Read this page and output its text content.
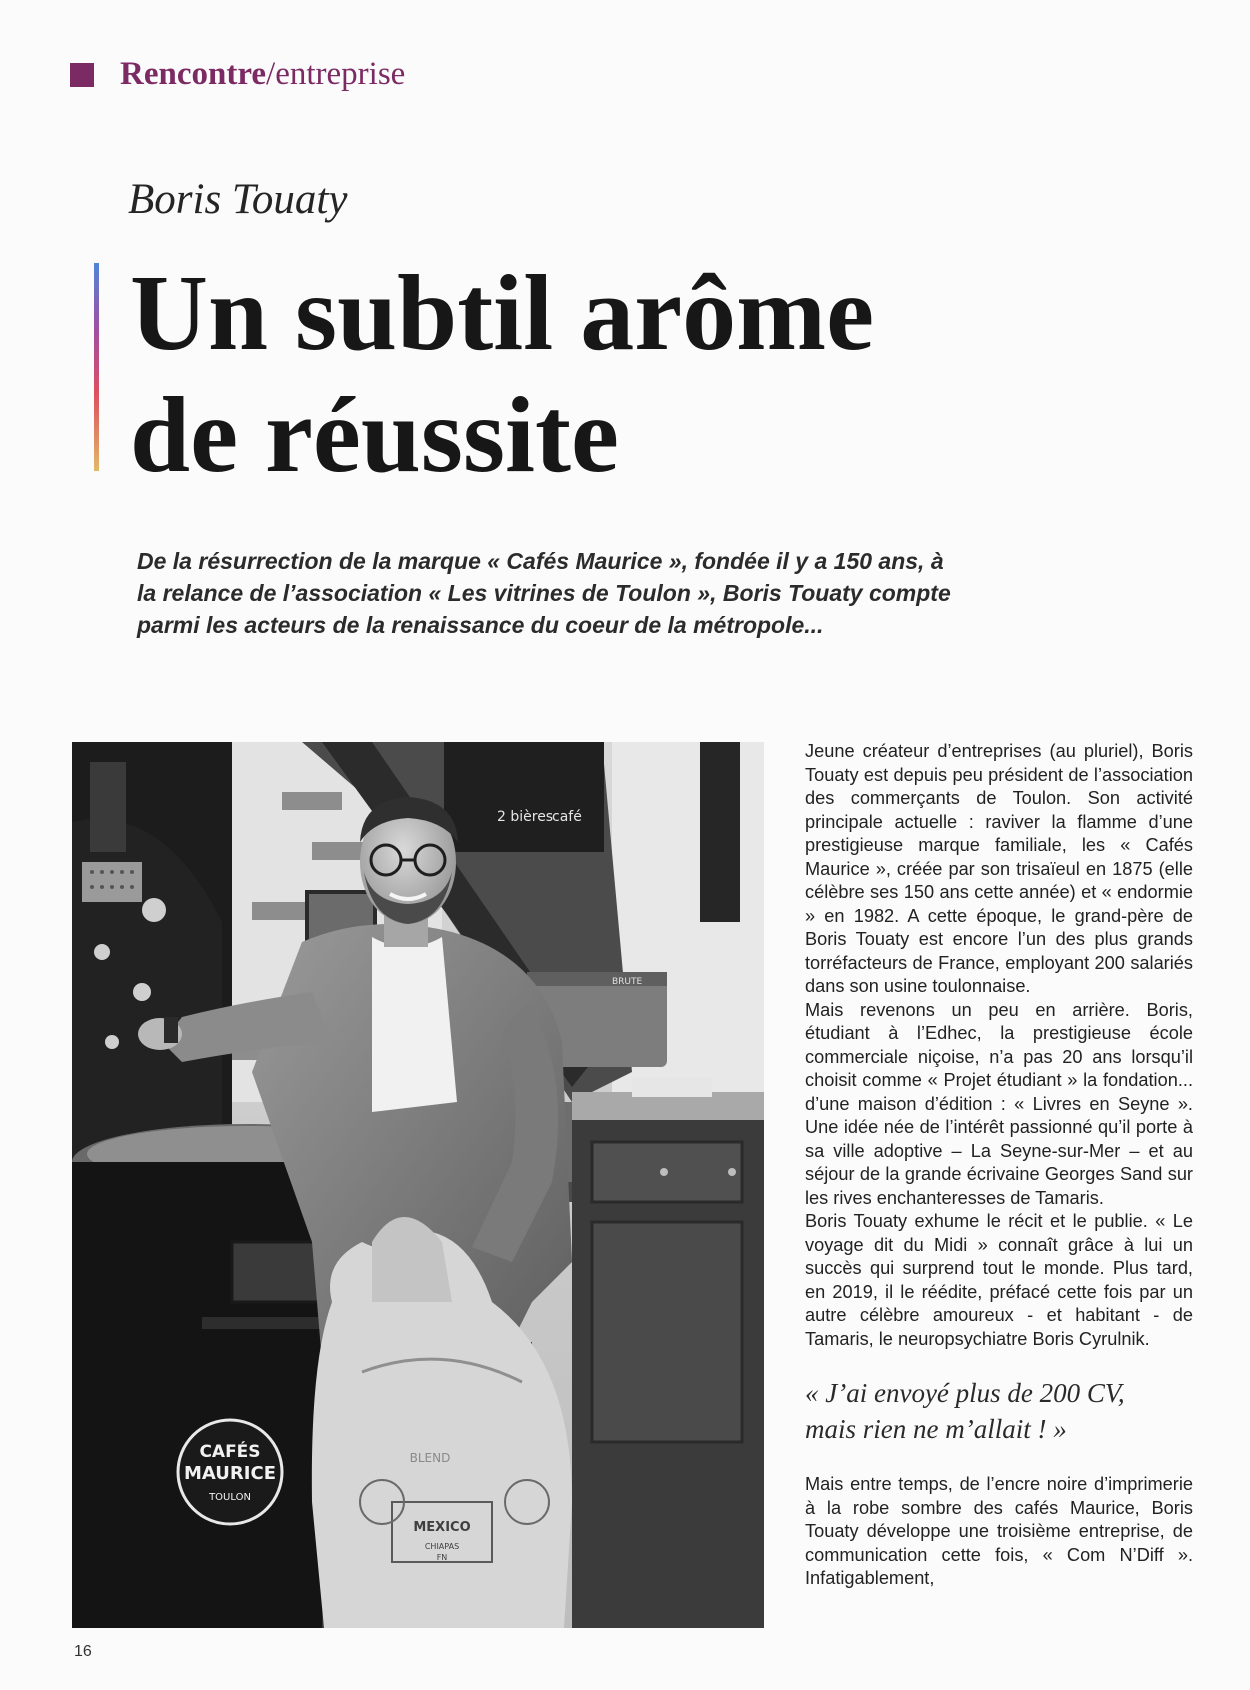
Rencontre / entreprise
Boris Touaty
Un subtil arôme
de réussite
De la résurrection de la marque « Cafés Maurice », fondée il y a 150 ans, à
la relance de l’association « Les vitrines de Toulon », Boris Touaty compte
parmi les acteurs de la renaissance du coeur de la métropole...
2 bières
café
BRUTE
CAFÉS
MAURICE
TOULON
MEXICO
CHIAPAS
FN
BLEND

Jeune créateur d’entreprises (au pluriel), Boris Touaty est depuis peu président de l’association des commerçants de Toulon. Son activité principale actuelle : raviver la flamme d’une prestigieuse marque familiale, les « Cafés Maurice », créée par son trisaïeul en 1875 (elle célèbre ses 150 ans cette année) et « endormie » en 1982. A cette époque, le grand-père de Boris Touaty est encore l’un des plus grands torréfacteurs de France, employant 200 salariés dans son usine toulonnaise.

Mais revenons un peu en arrière. Boris, étudiant à l’Edhec, la prestigieuse école commerciale niçoise, n’a pas 20 ans lorsqu’il choisit comme « Projet étudiant » la fondation... d’une maison d’édition : « Livres en Seyne ». Une idée née de l’intérêt passionné qu’il porte à sa ville adoptive – La Seyne-sur-Mer – et au séjour de la grande écrivaine Georges Sand sur les rives enchanteresses de Tamaris.

Boris Touaty exhume le récit et le publie. « Le voyage dit du Midi » connaît grâce à lui un succès qui surprend tout le monde. Plus tard, en 2019, il le réédite, préfacé cette fois par un autre célèbre amoureux - et habitant - de Tamaris, le neuropsychiatre Boris Cyrulnik.

« J’ai envoyé plus de 200 CV,
mais rien ne m’allait ! »

Mais entre temps, de l’encre noire d’imprimerie à la robe sombre des cafés Maurice, Boris Touaty développe une troisième entreprise, de communication cette fois, « Com N’Diff ». Infatigablement,

16
